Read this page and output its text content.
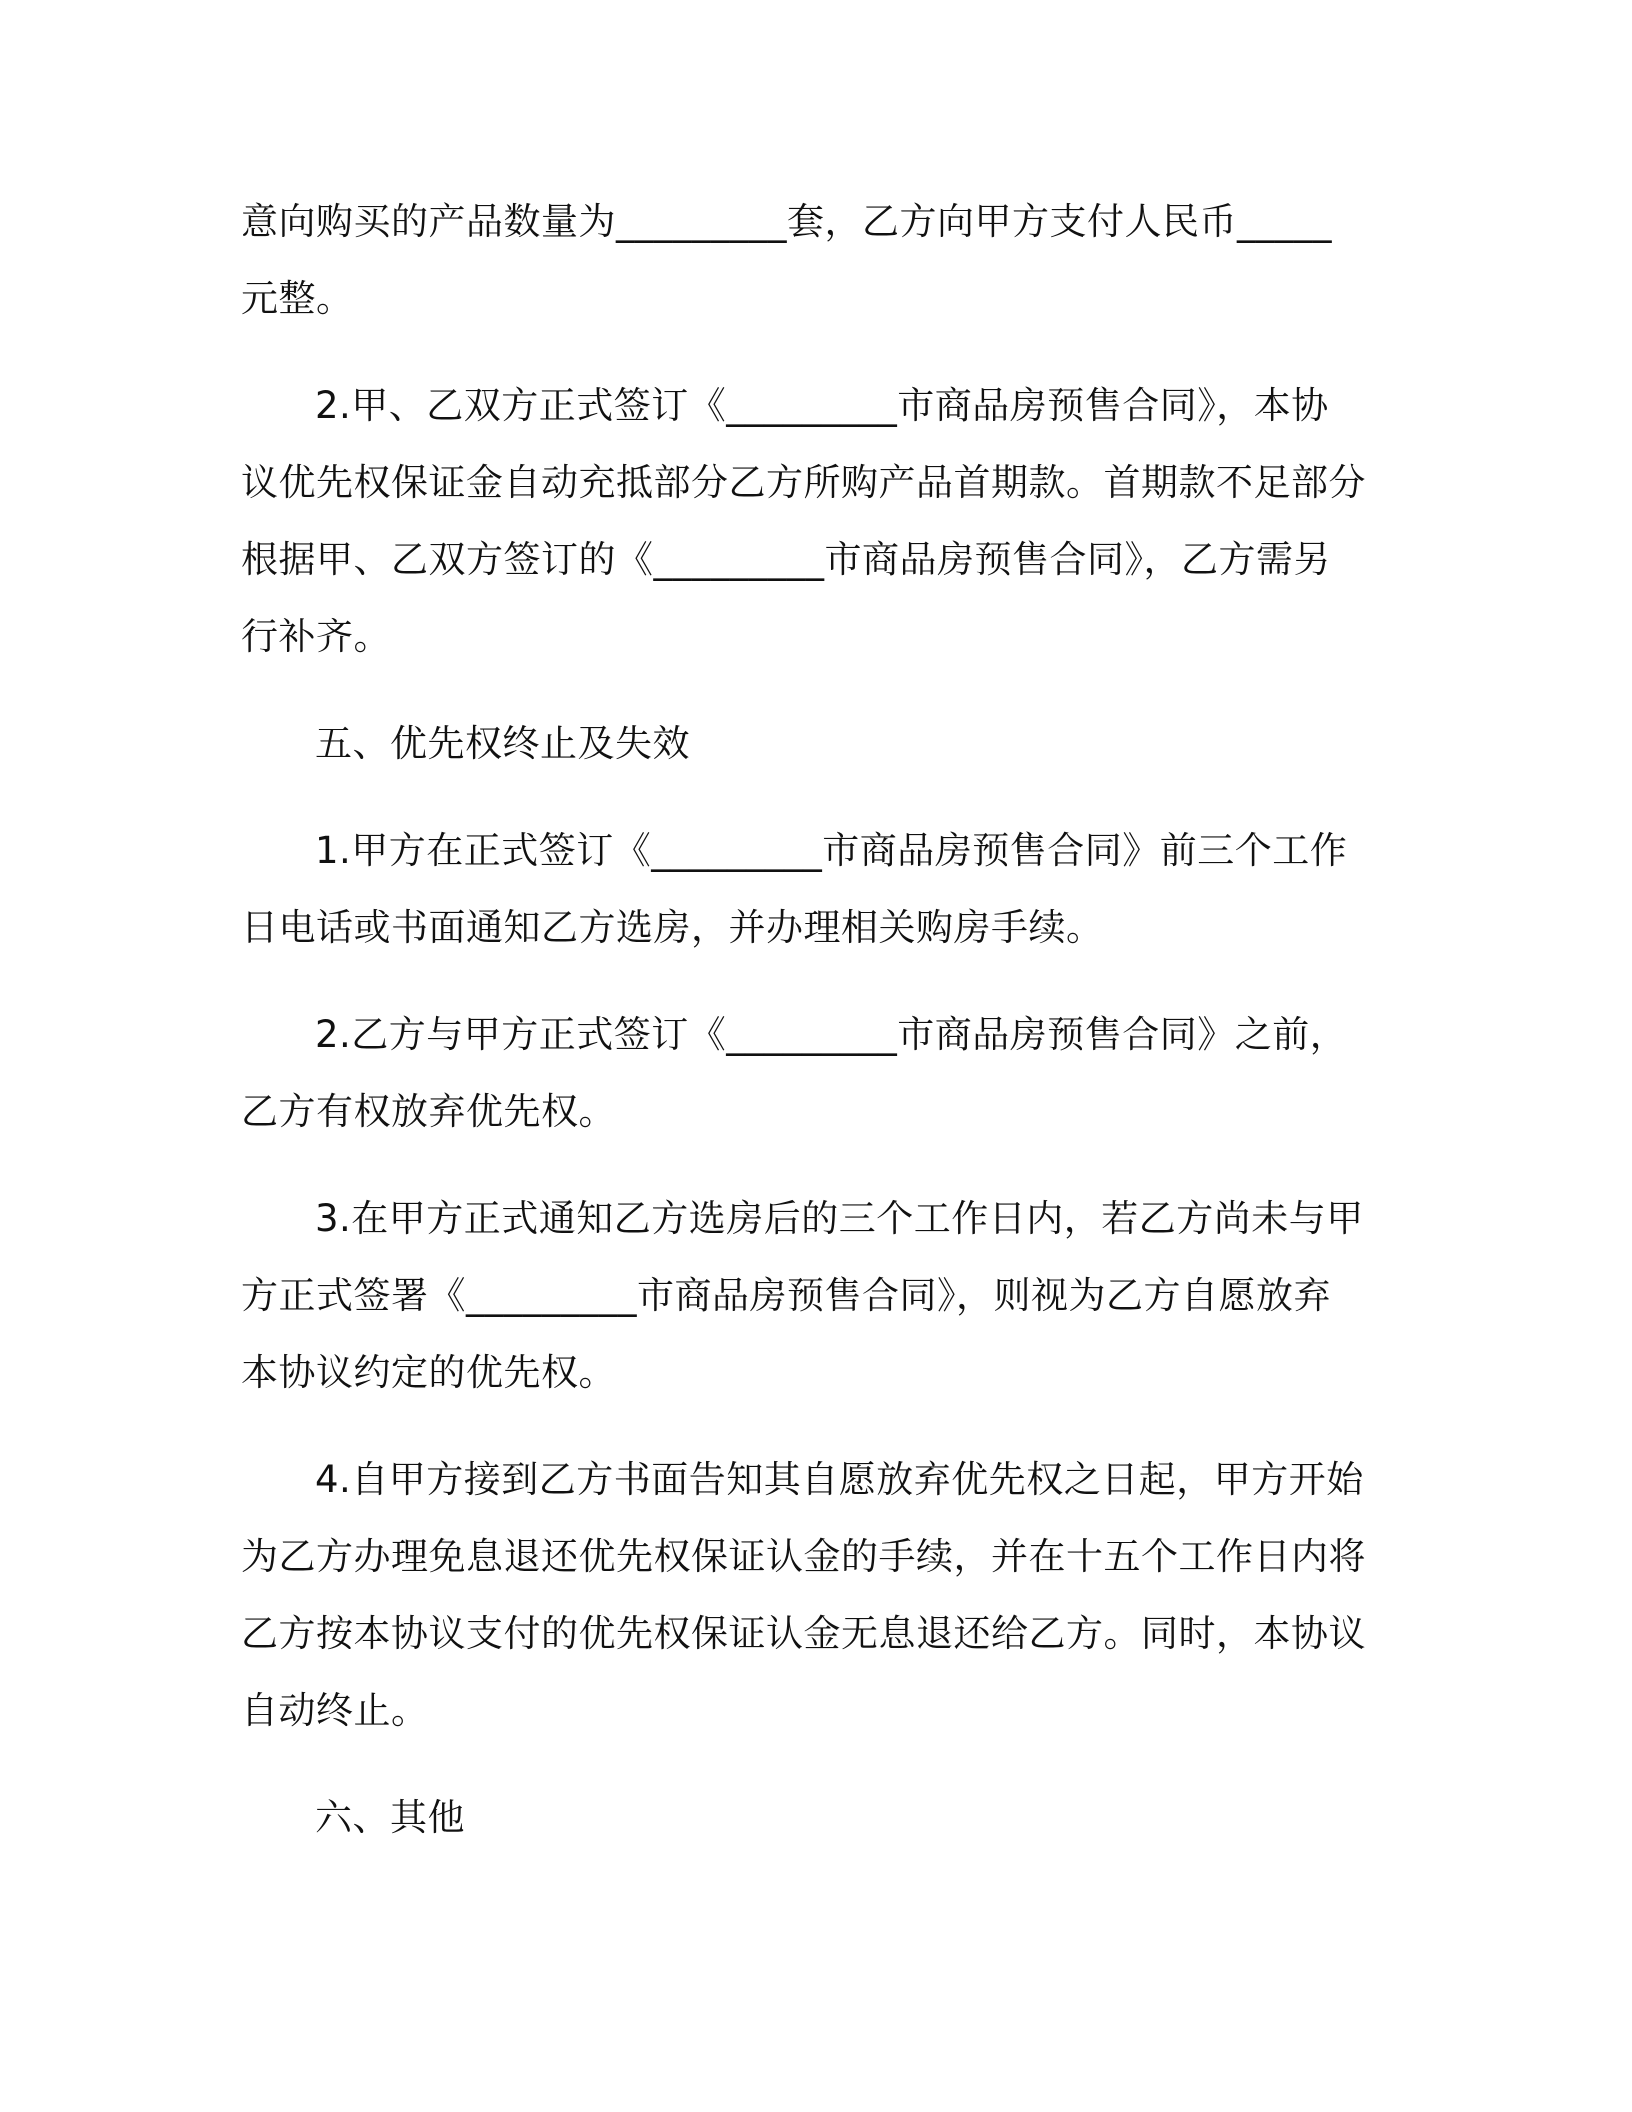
意向购买的产品数量为_________套，乙方向甲方支付人民币_____
元整。
2.甲、乙双方正式签订《_________市商品房预售合同》，本协
议优先权保证金自动充抵部分乙方所购产品首期款。首期款不足部分
根据甲、乙双方签订的《_________市商品房预售合同》，乙方需另
行补齐。
五、优先权终止及失效
1.甲方在正式签订《_________市商品房预售合同》前三个工作
日电话或书面通知乙方选房，并办理相关购房手续。
2.乙方与甲方正式签订《_________市商品房预售合同》之前，
乙方有权放弃优先权。
3.在甲方正式通知乙方选房后的三个工作日内，若乙方尚未与甲
方正式签署《_________市商品房预售合同》，则视为乙方自愿放弃
本协议约定的优先权。
4.自甲方接到乙方书面告知其自愿放弃优先权之日起，甲方开始
为乙方办理免息退还优先权保证认金的手续，并在十五个工作日内将
乙方按本协议支付的优先权保证认金无息退还给乙方。同时，本协议
自动终止。
六、其他
